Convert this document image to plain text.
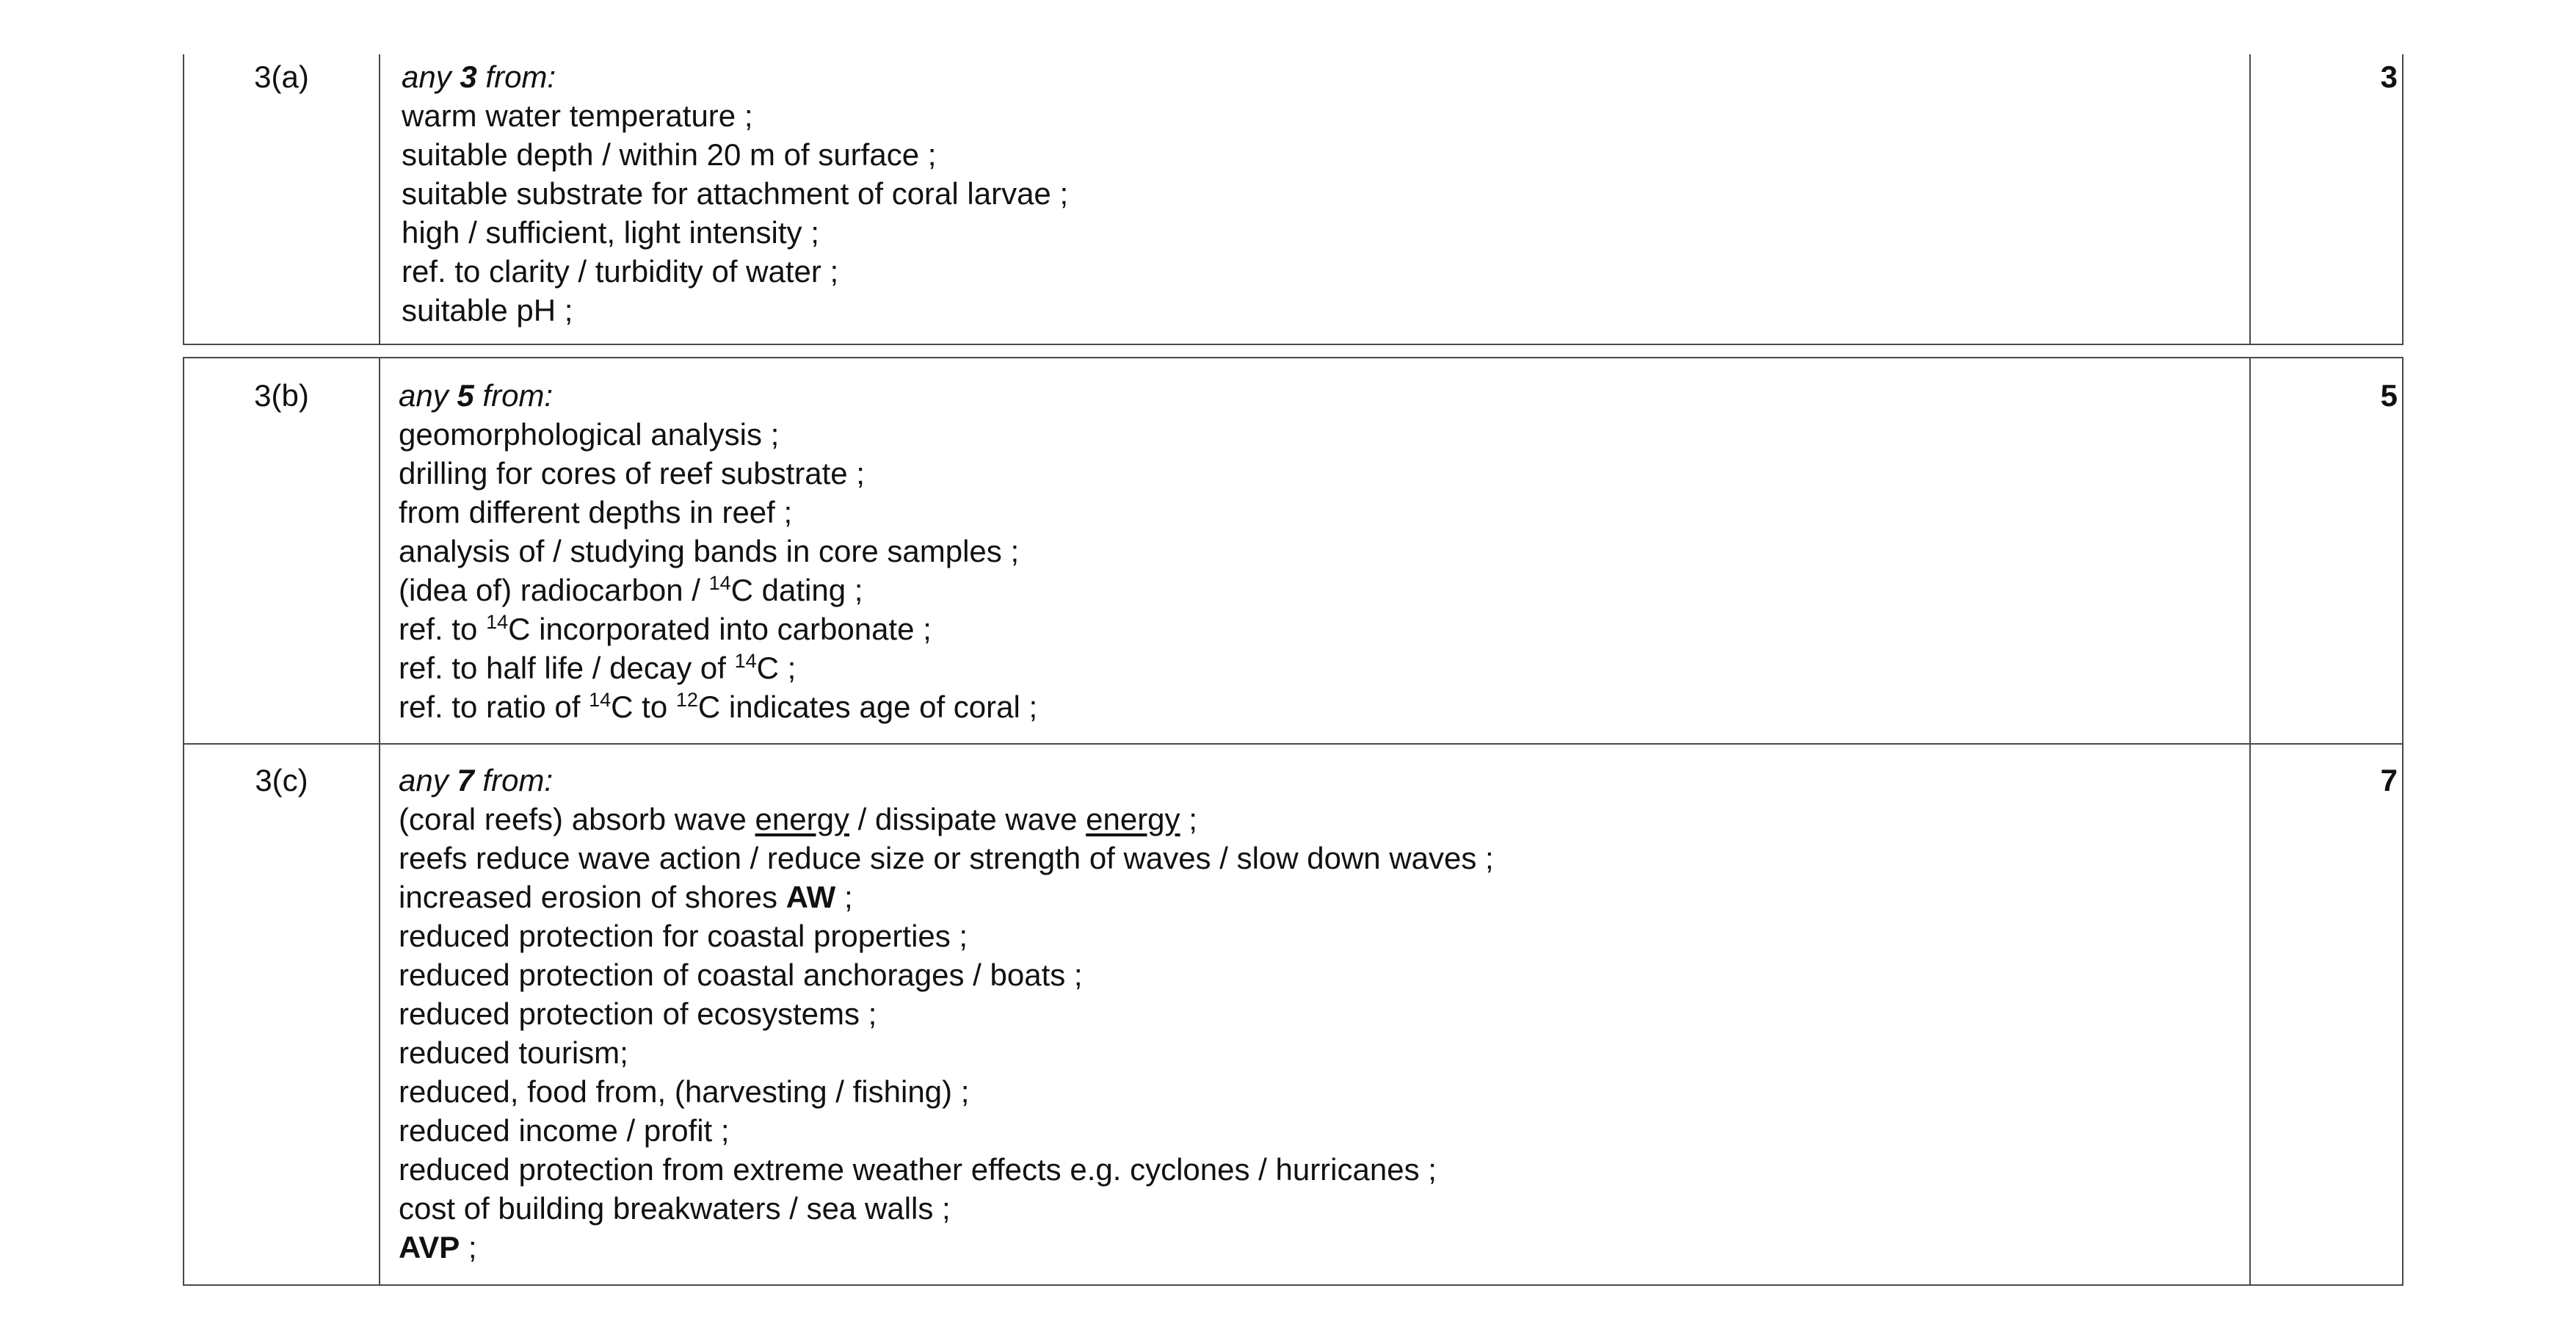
3(a)	any 3 from:
warm water temperature ;
suitable depth / within 20 m of surface ;
suitable substrate for attachment of coral larvae ;
high / sufficient, light intensity ;
ref. to clarity / turbidity of water ;
suitable pH ;
3
3(b)	any 5 from:
geomorphological analysis ;
drilling for cores of reef substrate ;
from different depths in reef ;
analysis of / studying bands in core samples ;
(idea of) radiocarbon / $^{14}$C dating ;
ref. to $^{14}$C incorporated into carbonate ;
ref. to half life / decay of $^{14}$C ;
ref. to ratio of $^{14}$C to $^{12}$C indicates age of coral ;
5
3(c)	any 7 from:
(coral reefs) absorb wave energy / dissipate wave energy ;
reefs reduce wave action / reduce size or strength of waves / slow down waves ;
increased erosion of shores AW ;
reduced protection for coastal properties ;
reduced protection of coastal anchorages / boats ;
reduced protection of ecosystems ;
reduced tourism;
reduced, food from, (harvesting / fishing) ;
reduced income / profit ;
reduced protection from extreme weather effects e.g. cyclones / hurricanes ;
cost of building breakwaters / sea walls ;
AVP ;
7
